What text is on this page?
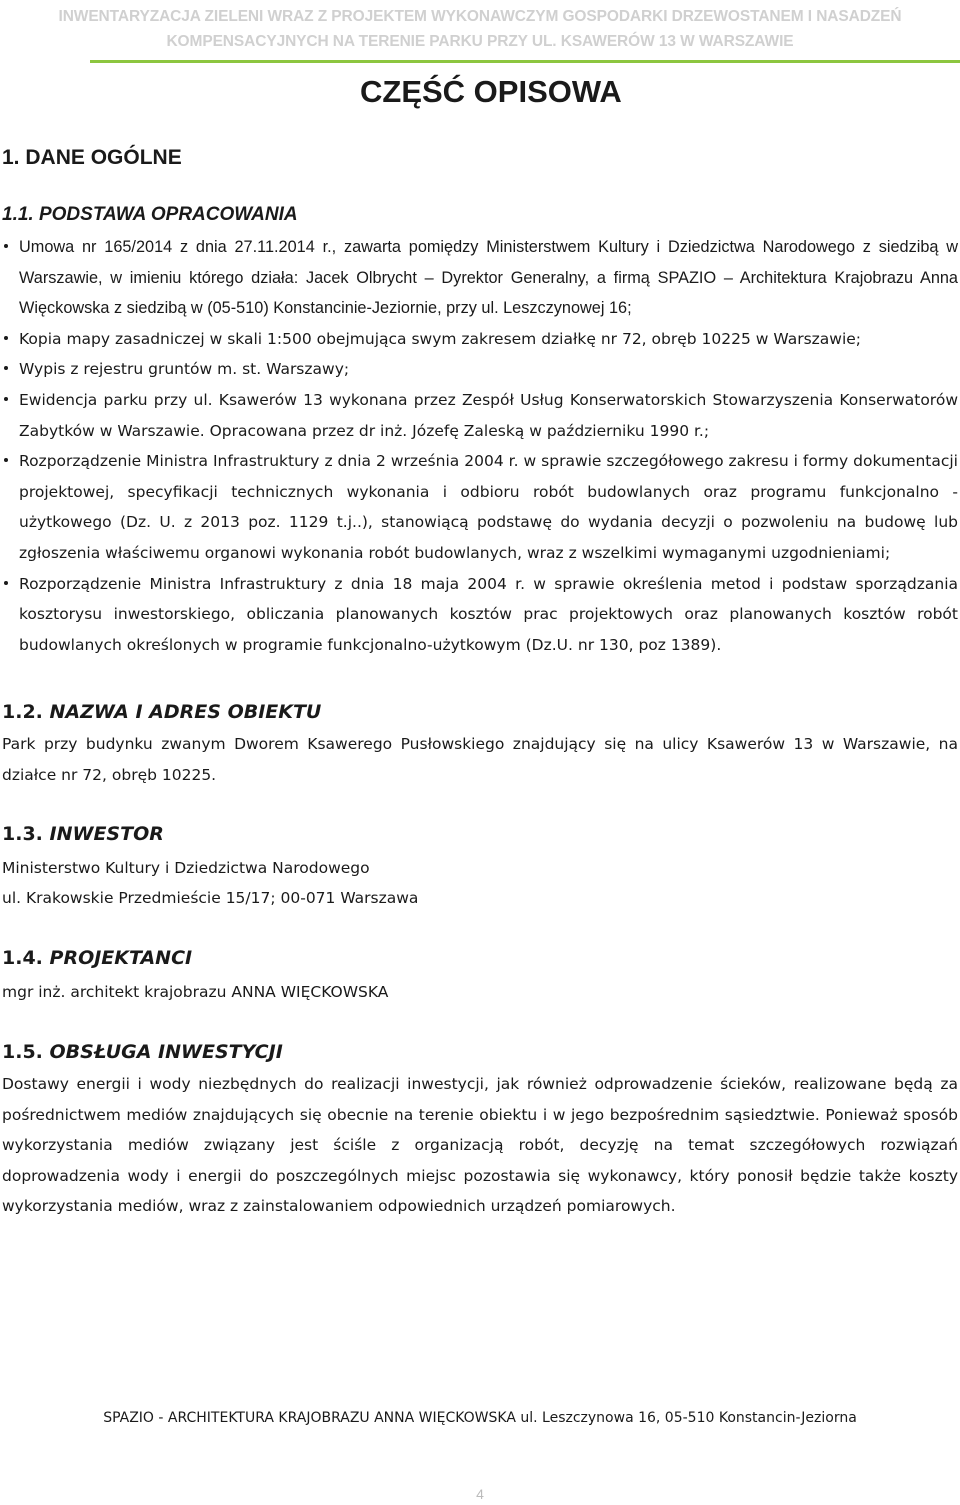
INWENTARYZACJA ZIELENI WRAZ Z PROJEKTEM WYKONAWCZYM GOSPODARKI DRZEWOSTANEM I NASADZEŃ
KOMPENSACYJNYCH NA TERENIE PARKU PRZY UL. KSAWERÓW 13 W WARSZAWIE
CZĘŚĆ OPISOWA
1. DANE OGÓLNE
1.1. PODSTAWA OPRACOWANIA
Umowa nr 165/2014 z dnia 27.11.2014 r., zawarta pomiędzy Ministerstwem Kultury i Dziedzictwa Narodowego z siedzibą w Warszawie, w imieniu którego działa: Jacek Olbrycht – Dyrektor Generalny, a firmą SPAZIO – Architektura Krajobrazu Anna Więckowska z siedzibą w (05-510) Konstancinie-Jeziornie, przy ul. Leszczynowej 16;
Kopia mapy zasadniczej w skali 1:500 obejmująca swym zakresem działkę nr 72, obręb 10225 w Warszawie;
Wypis z rejestru gruntów m. st. Warszawy;
Ewidencja parku przy ul. Ksawerów 13 wykonana przez Zespół Usług Konserwatorskich Stowarzyszenia Konserwatorów Zabytków w Warszawie. Opracowana przez dr inż. Józefę Zaleską w październiku 1990 r.;
Rozporządzenie Ministra Infrastruktury z dnia 2 września 2004 r. w sprawie szczegółowego zakresu i formy dokumentacji projektowej, specyfikacji technicznych wykonania i odbioru robót budowlanych oraz programu funkcjonalno - użytkowego (Dz. U. z 2013 poz. 1129 t.j..), stanowiącą podstawę do wydania decyzji o pozwoleniu na budowę lub zgłoszenia właściwemu organowi wykonania robót budowlanych, wraz z wszelkimi wymaganymi uzgodnieniami;
Rozporządzenie Ministra Infrastruktury z dnia 18 maja 2004 r. w sprawie określenia metod i podstaw sporządzania kosztorysu inwestorskiego, obliczania planowanych kosztów prac projektowych oraz planowanych kosztów robót budowlanych określonych w programie funkcjonalno-użytkowym (Dz.U. nr 130, poz 1389).
1.2. NAZWA I ADRES OBIEKTU

Park przy budynku zwanym Dworem Ksawerego Pusłowskiego znajdujący się na ulicy Ksawerów 13 w Warszawie, na działce nr 72, obręb 10225.

1.3. INWESTOR

Ministerstwo Kultury i Dziedzictwa Narodowego

ul. Krakowskie Przedmieście 15/17; 00-071 Warszawa

1.4. PROJEKTANCI

mgr inż. architekt krajobrazu ANNA WIĘCKOWSKA

1.5. OBSŁUGA INWESTYCJI

Dostawy energii i wody niezbędnych do realizacji inwestycji, jak również odprowadzenie ścieków, realizowane będą za pośrednictwem mediów znajdujących się obecnie na terenie obiektu i w jego bezpośrednim sąsiedztwie. Ponieważ sposób wykorzystania mediów związany jest ściśle z organizacją robót, decyzję na temat szczegółowych rozwiązań doprowadzenia wody i energii do poszczególnych miejsc pozostawia się wykonawcy, który ponosił będzie także koszty wykorzystania mediów, wraz z zainstalowaniem odpowiednich urządzeń pomiarowych.

SPAZIO - ARCHITEKTURA KRAJOBRAZU ANNA WIĘCKOWSKA ul. Leszczynowa 16, 05-510 Konstancin-Jeziorna
4
